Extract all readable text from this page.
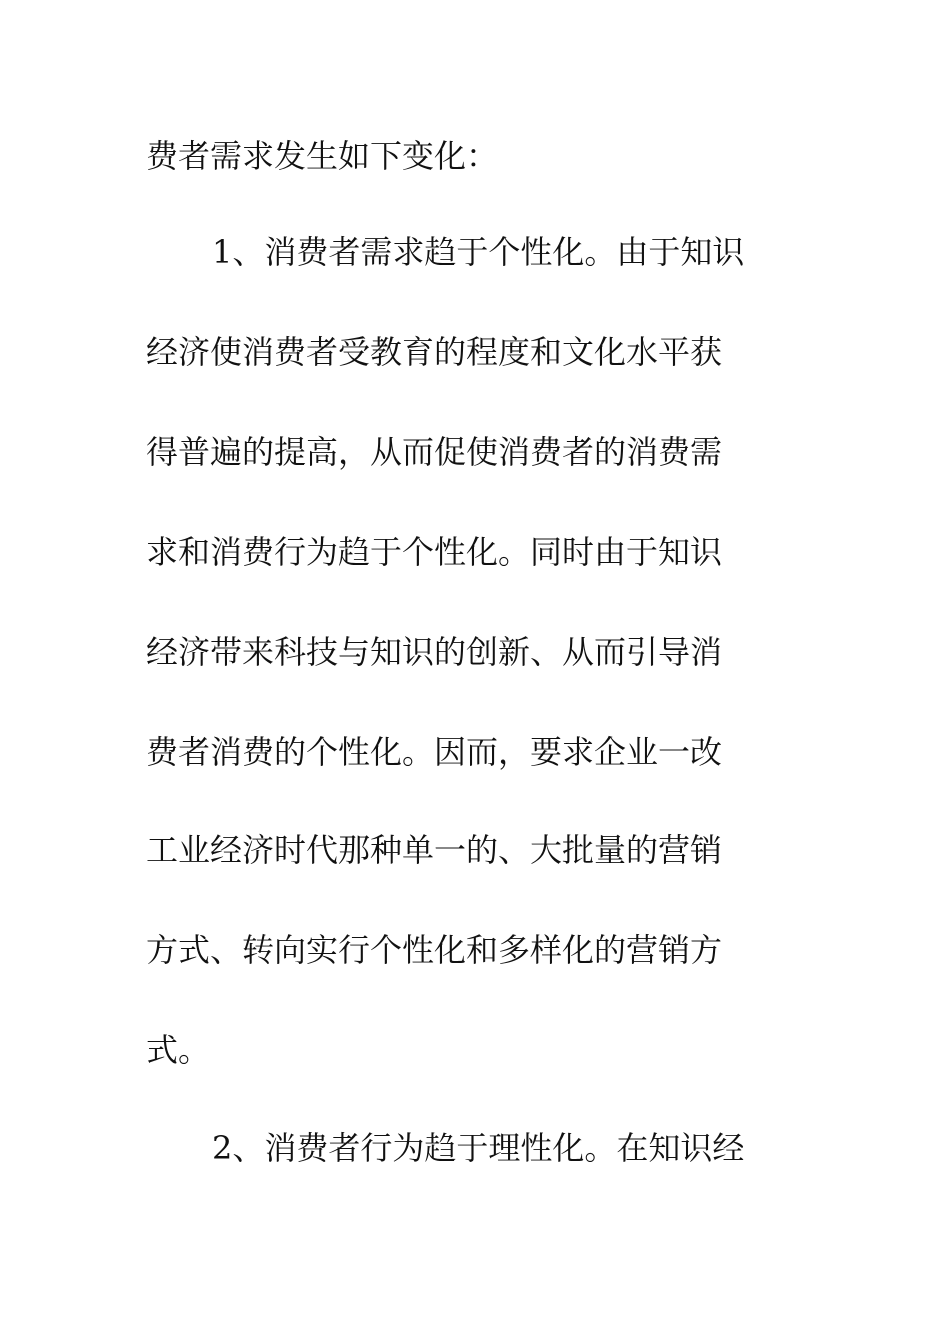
费者需求发生如下变化：

1、消费者需求趋于个性化。由于知识

经济使消费者受教育的程度和文化水平获

得普遍的提高，从而促使消费者的消费需

求和消费行为趋于个性化。同时由于知识

经济带来科技与知识的创新、从而引导消

费者消费的个性化。因而，要求企业一改

工业经济时代那种单一的、大批量的营销

方式、转向实行个性化和多样化的营销方

式。

2、消费者行为趋于理性化。在知识经
